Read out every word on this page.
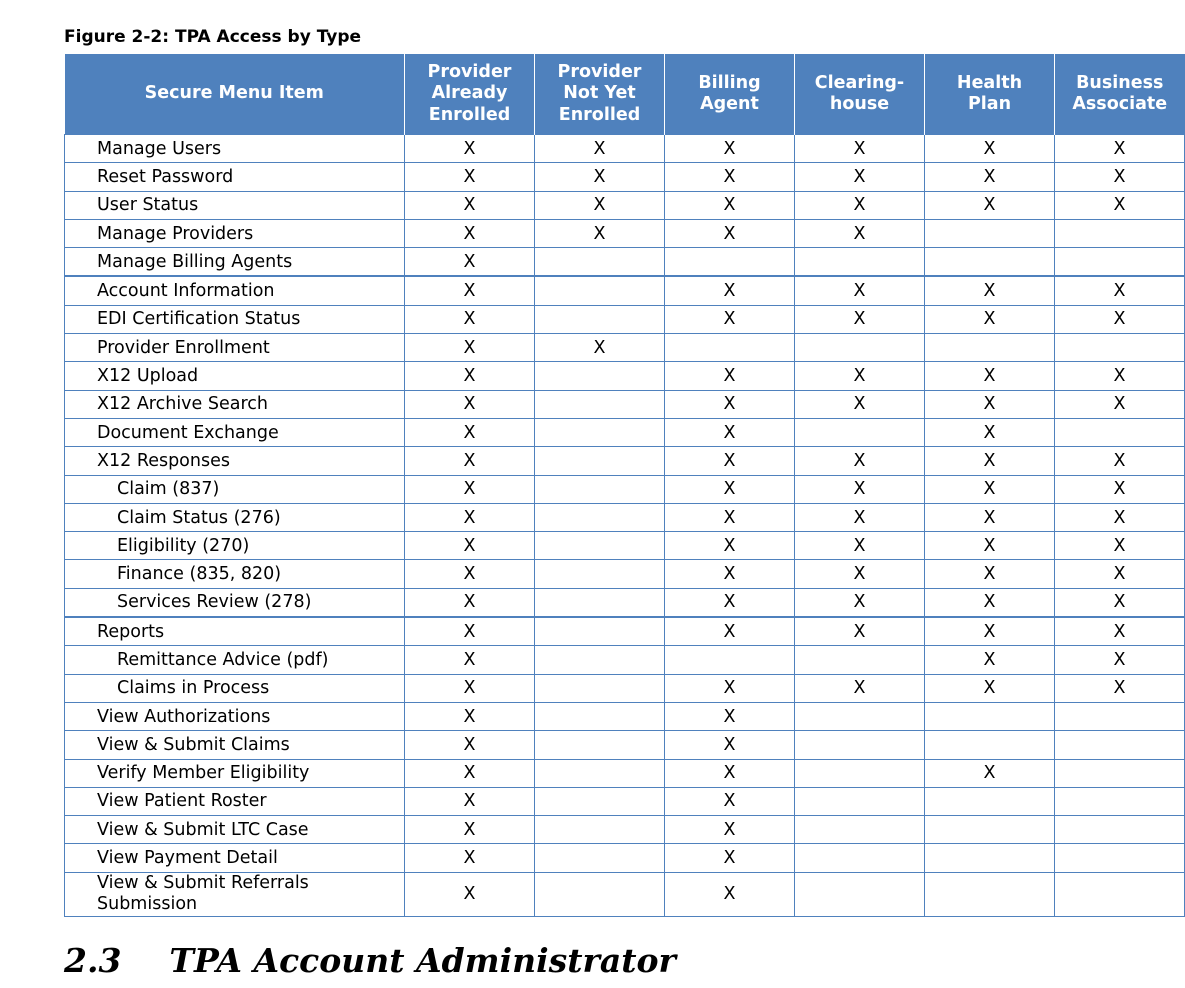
Figure 2-2: TPA Access by Type
Secure Menu Item	Provider
Already
Enrolled	Provider
Not Yet
Enrolled	Billing
Agent	Clearing-
house	Health
Plan	Business
Associate
Manage Users	X	X	X	X	X	X
Reset Password	X	X	X	X	X	X
User Status	X	X	X	X	X	X
Manage Providers	X	X	X	X		
Manage Billing Agents	X					
Account Information	X		X	X	X	X
EDI Certification Status	X		X	X	X	X
Provider Enrollment	X	X				
X12 Upload	X		X	X	X	X
X12 Archive Search	X		X	X	X	X
Document Exchange	X		X		X	
X12 Responses	X		X	X	X	X
Claim (837)	X		X	X	X	X
Claim Status (276)	X		X	X	X	X
Eligibility (270)	X		X	X	X	X
Finance (835, 820)	X		X	X	X	X
Services Review (278)	X		X	X	X	X
Reports	X		X	X	X	X
Remittance Advice (pdf)	X				X	X
Claims in Process	X		X	X	X	X
View Authorizations	X		X			
View & Submit Claims	X		X			
Verify Member Eligibility	X		X		X	
View Patient Roster	X		X			
View & Submit LTC Case	X		X			
View Payment Detail	X		X			
View & Submit Referrals Submission	X		X			
2.3 TPA Account Administrator
